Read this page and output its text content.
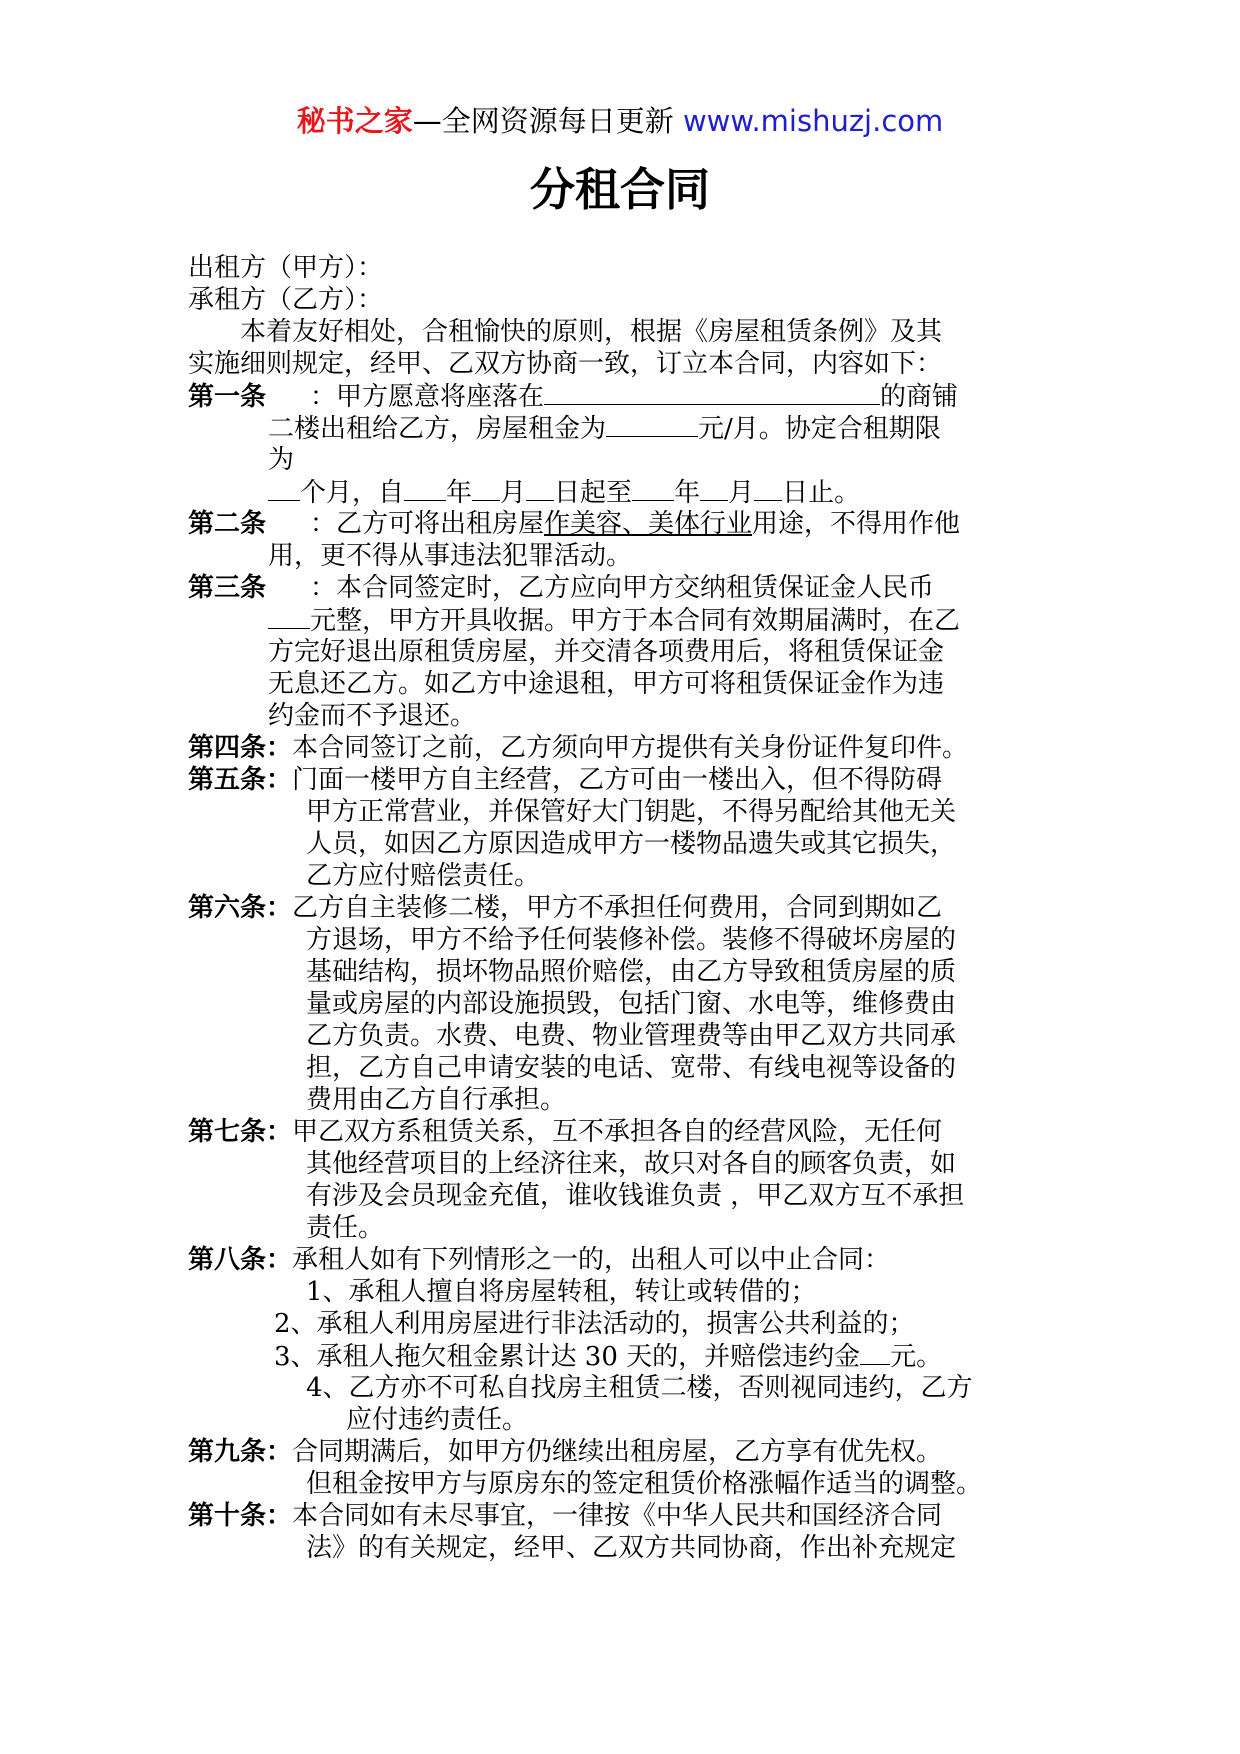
秘书之家—全网资源每日更新 www.mishuzj.com
分租合同
出租方（甲方）：
承租方（乙方）：
本着友好相处，合租愉快的原则，根据《房屋租赁条例》及其
实施细则规定，经甲、乙双方协商一致，订立本合同，内容如下：
第一条 ：甲方愿意将座落在	的商铺
二楼出租给乙方，房屋租金为	元/月。协定合租期限
为
个月，自 年 月 日起至 年 月 日止。
第二条 ：乙方可将出租房屋作美容、美体行业用途，不得用作他
用，更不得从事违法犯罪活动。
第三条 ：本合同签定时，乙方应向甲方交纳租赁保证金人民币
元整，甲方开具收据。甲方于本合同有效期届满时，在乙
方完好退出原租赁房屋，并交清各项费用后，将租赁保证金
无息还乙方。如乙方中途退租，甲方可将租赁保证金作为违
约金而不予退还。
第四条：本合同签订之前，乙方须向甲方提供有关身份证件复印件。
第五条：门面一楼甲方自主经营，乙方可由一楼出入，但不得防碍
甲方正常营业，并保管好大门钥匙，不得另配给其他无关
人员，如因乙方原因造成甲方一楼物品遗失或其它损失，
乙方应付赔偿责任。
第六条：乙方自主装修二楼，甲方不承担任何费用，合同到期如乙
方退场，甲方不给予任何装修补偿。装修不得破坏房屋的
基础结构，损坏物品照价赔偿，由乙方导致租赁房屋的质
量或房屋的内部设施损毁，包括门窗、水电等，维修费由
乙方负责。水费、电费、物业管理费等由甲乙双方共同承
担，乙方自己申请安装的电话、宽带、有线电视等设备的
费用由乙方自行承担。
第七条：甲乙双方系租赁关系，互不承担各自的经营风险，无任何
其他经营项目的上经济往来，故只对各自的顾客负责，如
有涉及会员现金充值，谁收钱谁负责 ，甲乙双方互不承担
责任。
第八条：承租人如有下列情形之一的，出租人可以中止合同：
1、承租人擅自将房屋转租，转让或转借的；
2、承租人利用房屋进行非法活动的，损害公共利益的；
3、承租人拖欠租金累计达 30 天的，并赔偿违约金 元。
4、乙方亦不可私自找房主租赁二楼，否则视同违约，乙方
应付违约责任。
第九条：合同期满后，如甲方仍继续出租房屋，乙方享有优先权。
但租金按甲方与原房东的签定租赁价格涨幅作适当的调整。
第十条：本合同如有未尽事宜，一律按《中华人民共和国经济合同
法》的有关规定，经甲、乙双方共同协商，作出补充规定
